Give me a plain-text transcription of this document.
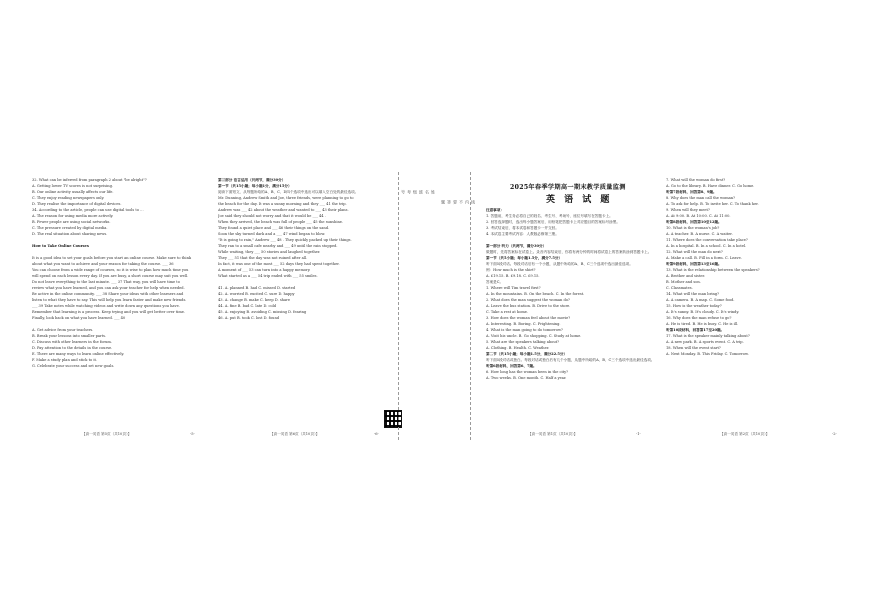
32. What can be inferred from paragraph 2 about "be alright"?

A. Getting lower TV scores is not surprising.

B. Our online activity usually affects our life.

C. They enjoy reading newspapers only.

D. They realise the importance of digital devices.

34. According to the article, people can use digital tools to ...

A. The reason for using media more actively.

B. Fewer people are using social networks.

C. The pressure created by digital media.

D. The real situation about sharing news.

How to Take Online Courses

It is a good idea to set your goals before you start an online course. Make sure to think

about what you want to achieve and your reason for taking the course. ___ 36

You can choose from a wide range of courses, so it is wise to plan how much time you

will spend on each lesson every day. If you are busy, a short course may suit you well.

Do not leave everything to the last minute. ___ 37 That way, you will have time to

review what you have learned, and you can ask your teacher for help when needed.

Be active in the online community. ___ 38 Share your ideas with other learners and

listen to what they have to say. This will help you learn faster and make new friends.

___ 39 Take notes while watching videos and write down any questions you have.

Remember that learning is a process. Keep trying and you will get better over time.

Finally, look back on what you have learned. ___ 40

A. Get advice from your teachers.

B. Break your lessons into smaller parts.

C. Discuss with other learners in the forum.

D. Pay attention to the details in the course.

E. There are many ways to learn online effectively.

F. Make a study plan and stick to it.

G. Celebrate your success and set new goals.

第三部分 语言运用（共两节，满分30分）

第一节（共15小题；每小题1分，满分15分）

阅读下面短文，从每题所给的A、B、C、D四个选项中选出可以填入空白处的最佳选项。

Mr. Dunning, Andrew Smith and Joe, three friends, were planning to go to

the beach for the day. It was a sunny morning and they ___ 41 the trip.

Andrew was ___ 42 about the weather and wanted to ___ 43 their plans.

Joe said they should not worry and that it would be ___ 44 .

When they arrived, the beach was full of people ___ 45 the sunshine.

They found a quiet place and ___ 46 their things on the sand.

Soon the sky turned dark and a ___ 47 wind began to blow.

"It is going to rain," Andrew ___ 48 . They quickly packed up their things.

They ran to a small cafe nearby and ___ 49 until the rain stopped.

While waiting, they ___ 50 stories and laughed together.

They ___ 51 that the day was not ruined after all.

In fact, it was one of the most ___ 52 days they had spent together.

A moment of ___ 53 can turn into a happy memory.

What started as a ___ 54 trip ended with ___ 55 smiles.

41. A. planned B. had C. missed D. started

42. A. worried B. excited C. sure D. happy

43. A. change B. make C. keep D. share

44. A. fine B. bad C. late D. cold

45. A. enjoying B. avoiding C. missing D. fearing

46. A. put B. took C. lost D. found

【高一英语 第5页（共10页）】	-5-	【高一英语 第6页（共10页）】	-6-
姓
名
班
级
考
号
线
内
不
要
答
题
2025年春季学期高一期末教学质量监测
英 语 试 题

注意事项：

1. 答题前，考生务必将自己的姓名、考生号、考场号、座位号填写在答题卡上。

2. 回答选择题时，选出每小题答案后，用铅笔把答题卡上对应题目的答案标号涂黑。

3. 考试结束后，将本试卷和答题卡一并交回。

4. 本试卷主要考试内容：人教版必修第三册。

第一部分 听力（共两节，满分30分）

做题时，先将答案标在试卷上。录音内容结束后，你将有两分钟的时间将试卷上的答案转涂到答题卡上。

第一节（共5小题；每小题1.5分，满分7.5分）

听下面5段对话。每段对话后有一个小题，从题中所给的A、B、C三个选项中选出最佳选项。

例：How much is the shirt?

A. £19.15. B. £9.18. C. £9.15.

答案是C。

1. Where will Tim travel first?

A. In the mountains. B. On the beach. C. In the forest.

2. What does the man suggest the woman do?

A. Leave the bus station. B. Drive to the store.

C. Take a rest at home.

3. How does the woman feel about the movie?

A. Interesting. B. Boring. C. Frightening.

4. What is the man going to do tomorrow?

A. Visit his uncle. B. Go shopping. C. Study at home.

5. What are the speakers talking about?

A. Clothing. B. Health. C. Weather.

第二节（共15小题；每小题1.5分，满分22.5分）

听下面5段对话或独白。每段对话或独白后有几个小题，从题中所给的A、B、C三个选项中选出最佳选项。

听第6段材料，回答第6、7题。

6. How long has the woman been in the city?

A. Two weeks. B. One month. C. Half a year.

7. What will the woman do first?

A. Go to the library. B. Have dinner. C. Go home.

听第7段材料，回答第8、9题。

8. Why does the man call the woman?

A. To ask for help. B. To invite her. C. To thank her.

9. When will they meet?

A. At 9:00. B. At 10:00. C. At 11:00.

听第8段材料，回答第10至12题。

10. What is the woman's job?

A. A teacher. B. A nurse. C. A waiter.

11. Where does the conversation take place?

A. In a hospital. B. In a school. C. In a hotel.

12. What will the man do next?

A. Make a call. B. Fill in a form. C. Leave.

听第9段材料，回答第13至16题。

13. What is the relationship between the speakers?

A. Brother and sister.

B. Mother and son.

C. Classmates.

14. What will the man bring?

A. A camera. B. A map. C. Some food.

15. How is the weather today?

A. It's sunny. B. It's cloudy. C. It's windy.

16. Why does the man refuse to go?

A. He is tired. B. He is busy. C. He is ill.

听第10段材料，回答第17至20题。

17. What is the speaker mainly talking about?

A. A new park. B. A sports event. C. A trip.

18. When will the event start?

A. Next Monday. B. This Friday. C. Tomorrow.

【高一英语 第1页（共10页）】	-1-	【高一英语 第2页（共10页）】	-2-
